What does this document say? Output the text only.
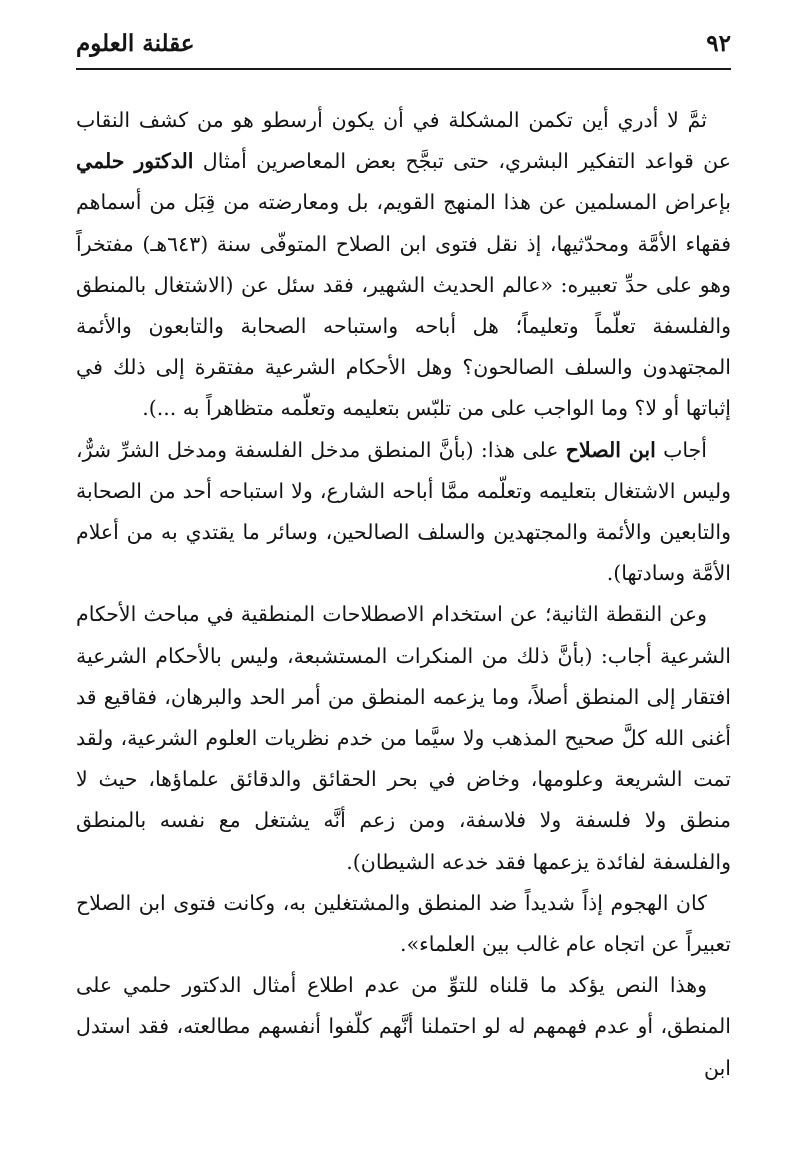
عقلنة العلوم	٩٢

ثمَّ لا أدري أين تكمن المشكلة في أن يكون أرسطو هو من كشف النقاب عن قواعد التفكير البشري، حتى تبجَّح بعض المعاصرين أمثال الدكتور حلمي بإعراض المسلمين عن هذا المنهج القويم، بل ومعارضته من قِبَل من أسماهم فقهاء الأمَّة ومحدّثيها، إذ نقل فتوى ابن الصلاح المتوفّى سنة (٦٤٣هـ) مفتخراً وهو على حدِّ تعبيره: «عالم الحديث الشهير، فقد سئل عن (الاشتغال بالمنطق والفلسفة تعلّماً وتعليماً؛ هل أباحه واستباحه الصحابة والتابعون والأئمة المجتهدون والسلف الصالحون؟ وهل الأحكام الشرعية مفتقرة إلى ذلك في إثباتها أو لا؟ وما الواجب على من تلبّس بتعليمه وتعلّمه متظاهراً به ...).

أجاب ابن الصلاح على هذا: (بأنَّ المنطق مدخل الفلسفة ومدخل الشرِّ شرٌّ، وليس الاشتغال بتعليمه وتعلّمه ممَّا أباحه الشارع، ولا استباحه أحد من الصحابة والتابعين والأئمة والمجتهدين والسلف الصالحين، وسائر ما يقتدي به من أعلام الأمَّة وسادتها).

وعن النقطة الثانية؛ عن استخدام الاصطلاحات المنطقية في مباحث الأحكام الشرعية أجاب: (بأنَّ ذلك من المنكرات المستشبعة، وليس بالأحكام الشرعية افتقار إلى المنطق أصلاً، وما يزعمه المنطق من أمر الحد والبرهان، فقاقيع قد أغنى الله كلَّ صحيح المذهب ولا سيَّما من خدم نظريات العلوم الشرعية، ولقد تمت الشريعة وعلومها، وخاض في بحر الحقائق والدقائق علماؤها، حيث لا منطق ولا فلسفة ولا فلاسفة، ومن زعم أنَّه يشتغل مع نفسه بالمنطق والفلسفة لفائدة يزعمها فقد خدعه الشيطان).

كان الهجوم إذاً شديداً ضد المنطق والمشتغلين به، وكانت فتوى ابن الصلاح تعبيراً عن اتجاه عام غالب بين العلماء».

وهذا النص يؤكد ما قلناه للتوِّ من عدم اطلاع أمثال الدكتور حلمي على المنطق، أو عدم فهمهم له لو احتملنا أنَّهم كلّفوا أنفسهم مطالعته، فقد استدل ابن
